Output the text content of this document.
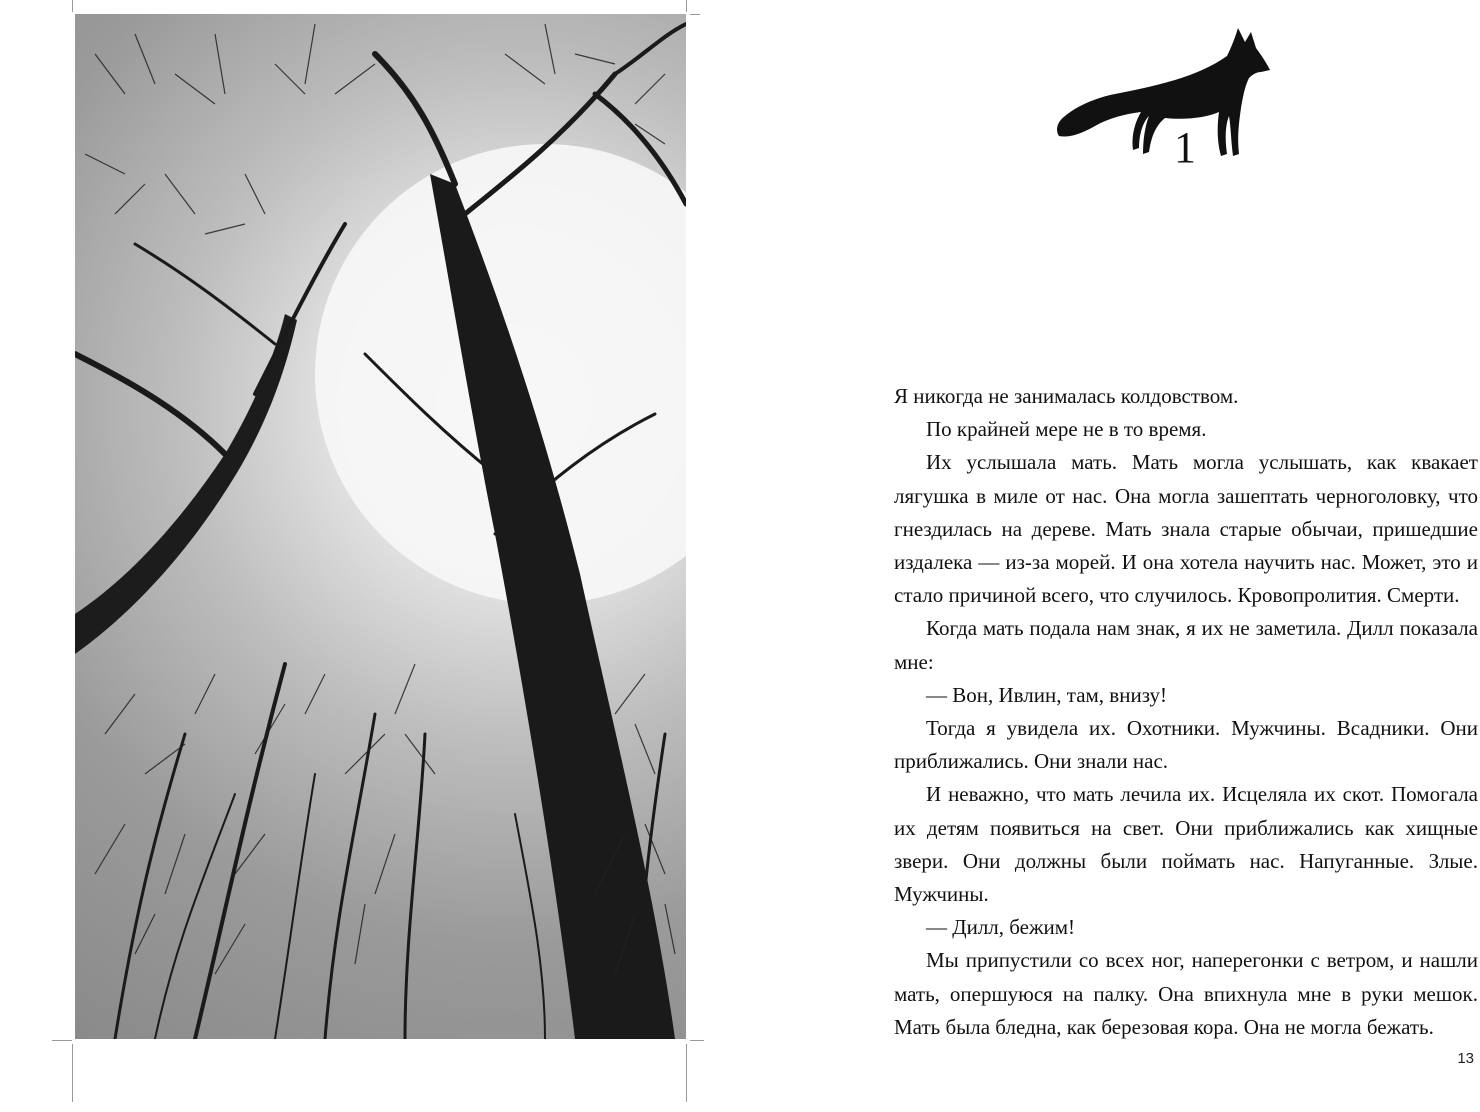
1

Я никогда не занималась колдовством.

По крайней мере не в то время.

Их услышала мать. Мать могла услышать, как квакает лягушка в миле от нас. Она могла зашептать черноголовку, что гнездилась на дереве. Мать знала старые обычаи, пришедшие издалека — из-за морей. И она хотела научить нас. Может, это и стало причиной всего, что случилось. Кровопролития. Смерти.

Когда мать подала нам знак, я их не заметила. Дилл показала мне:

— Вон, Ивлин, там, внизу!

Тогда я увидела их. Охотники. Мужчины. Всадники. Они приближались. Они знали нас.

И неважно, что мать лечила их. Исцеляла их скот. Помогала их детям появиться на свет. Они приближались как хищные звери. Они должны были поймать нас. Напуганные. Злые. Мужчины.

— Дилл, бежим!

Мы припустили со всех ног, наперегонки с ветром, и нашли мать, опершуюся на палку. Она впихнула мне в руки мешок. Мать была бледна, как березовая кора. Она не могла бежать.

13
